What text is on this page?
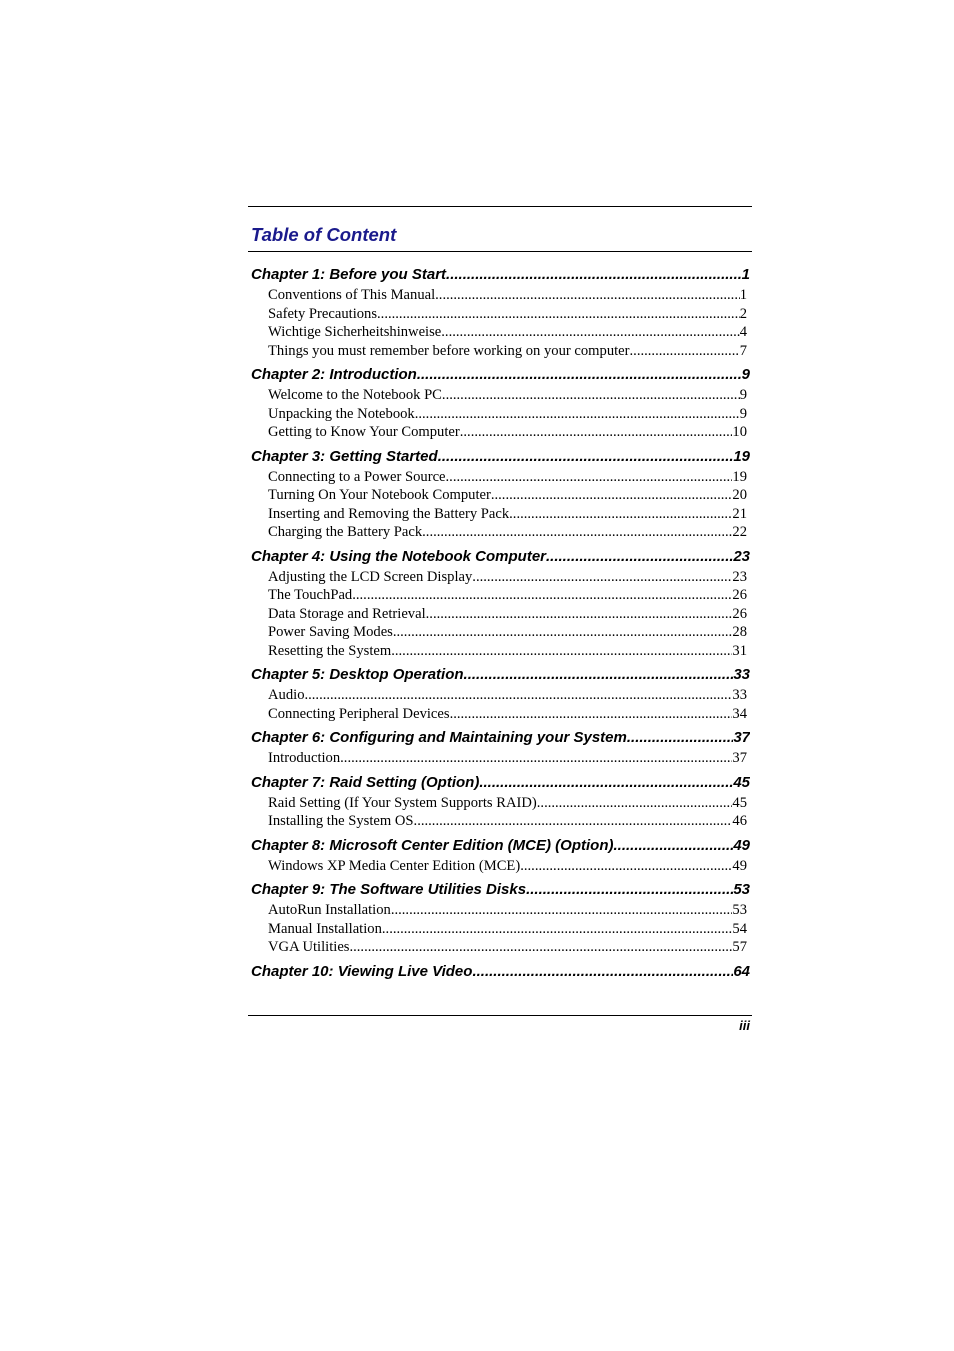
Table of Content
Chapter 1: Before you Start .....	1
Conventions of This Manual .....	1
Safety Precautions .....	2
Wichtige Sicherheitshinweise .....	4
Things you must remember before working on your computer .....	7
Chapter 2: Introduction .....	9
Welcome to the Notebook PC .....	9
Unpacking the Notebook .....	9
Getting to Know Your Computer .....	10
Chapter 3: Getting Started .....	19
Connecting to a Power Source .....	19
Turning On Your Notebook Computer .....	20
Inserting and Removing the Battery Pack .....	21
Charging the Battery Pack .....	22
Chapter 4: Using the Notebook Computer .....	23
Adjusting the LCD Screen Display .....	23
The TouchPad .....	26
Data Storage and Retrieval .....	26
Power Saving Modes .....	28
Resetting the System .....	31
Chapter 5: Desktop Operation .....	33
Audio .....	33
Connecting Peripheral Devices .....	34
Chapter 6: Configuring and Maintaining your System .....	37
Introduction .....	37
Chapter 7: Raid Setting (Option) .....	45
Raid Setting (If Your System Supports RAID) .....	45
Installing the System OS .....	46
Chapter 8: Microsoft Center Edition (MCE) (Option) .....	49
Windows XP Media Center Edition (MCE) .....	49
Chapter 9: The Software Utilities Disks .....	53
AutoRun Installation .....	53
Manual Installation .....	54
VGA Utilities .....	57
Chapter 10: Viewing Live Video .....	64
iii
